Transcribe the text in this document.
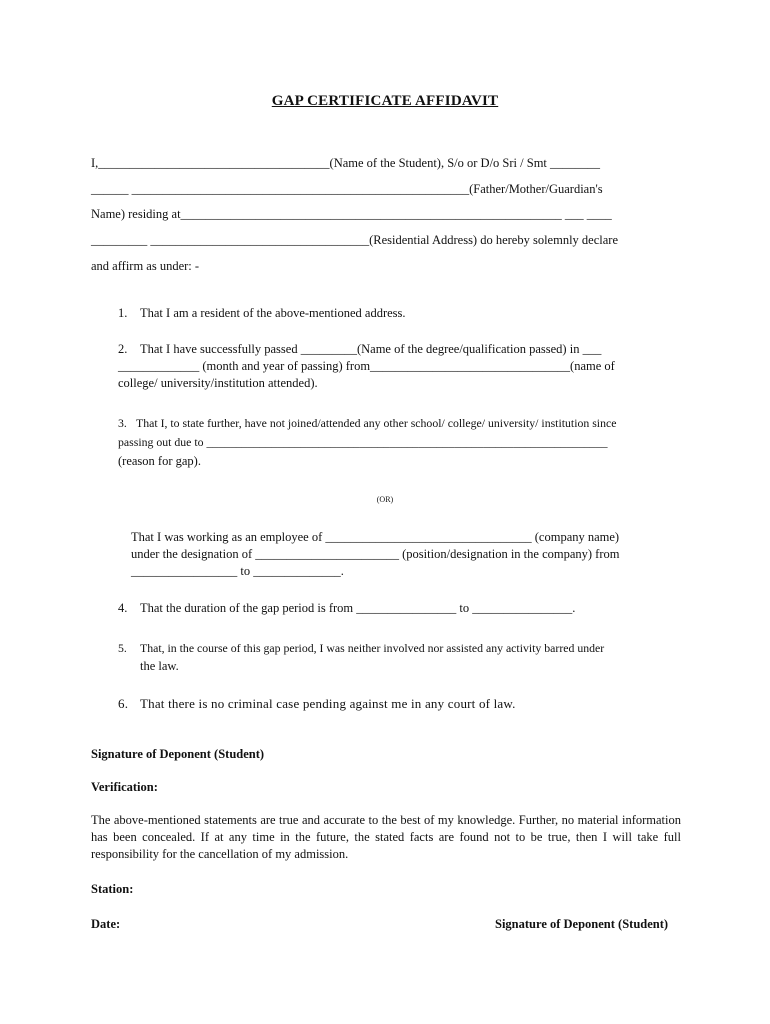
GAP CERTIFICATE AFFIDAVIT
I,_____________________________________(Name of the Student), S/o or D/o Sri / Smt ________
______ ______________________________________________________(Father/Mother/Guardian's
Name) residing at_____________________________________________________________ ___ ____
_________ ___________________________________(Residential Address) do hereby solemnly declare
and affirm as under: -
1. That I am a resident of the above-mentioned address.
2. That I have successfully passed _________(Name of the degree/qualification passed) in ___
_____________ (month and year of passing) from________________________________(name of
college/ university/institution attended).
3. That I, to state further, have not joined/attended any other school/ college/ university/ institution since
passing out due to ____________________________________________________________________
(reason for gap).
(OR)
That I was working as an employee of _________________________________ (company name)
under the designation of _______________________ (position/designation in the company) from
_________________ to ______________.
4. That the duration of the gap period is from ________________ to ________________.
5. That, in the course of this gap period, I was neither involved nor assisted any activity barred under
the law.
6. That there is no criminal case pending against me in any court of law.
Signature of Deponent (Student)
Verification:
The above-mentioned statements are true and accurate to the best of my knowledge. Further, no material information has been concealed. If at any time in the future, the stated facts are found not to be true, then I will take full responsibility for the cancellation of my admission.
Station:
Date:	Signature of Deponent (Student)
